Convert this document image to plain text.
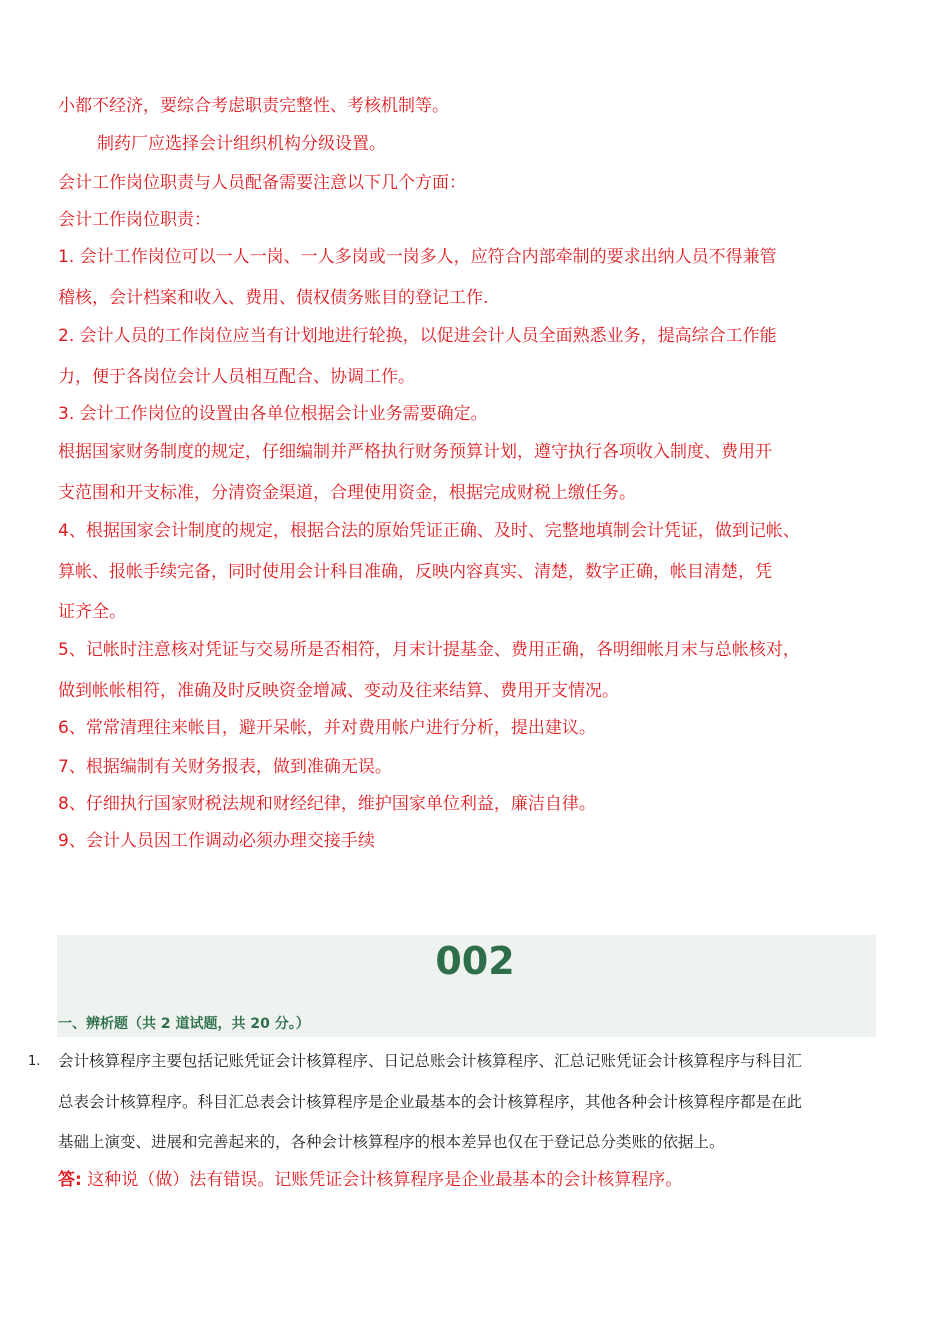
小都不经济，要综合考虑职责完整性、考核机制等。
制药厂应选择会计组织机构分级设置。
会计工作岗位职责与人员配备需要注意以下几个方面：
会计工作岗位职责：
1. 会计工作岗位可以一人一岗、一人多岗或一岗多人，应符合内部牵制的要求出纳人员不得兼管
稽核，会计档案和收入、费用、债权债务账目的登记工作.
2. 会计人员的工作岗位应当有计划地进行轮换，以促进会计人员全面熟悉业务，提高综合工作能
力，便于各岗位会计人员相互配合、协调工作。
3. 会计工作岗位的设置由各单位根据会计业务需要确定。
根据国家财务制度的规定，仔细编制并严格执行财务预算计划，遵守执行各项收入制度、费用开
支范围和开支标准，分清资金渠道，合理使用资金，根据完成财税上缴任务。
4、根据国家会计制度的规定，根据合法的原始凭证正确、及时、完整地填制会计凭证，做到记帐、
算帐、报帐手续完备，同时使用会计科目准确，反映内容真实、清楚，数字正确，帐目清楚，凭
证齐全。
5、记帐时注意核对凭证与交易所是否相符，月末计提基金、费用正确，各明细帐月末与总帐核对，
做到帐帐相符，准确及时反映资金增减、变动及往来结算、费用开支情况。
6、常常清理往来帐目，避开呆帐，并对费用帐户进行分析，提出建议。
7、根据编制有关财务报表，做到准确无误。
8、仔细执行国家财税法规和财经纪律，维护国家单位利益，廉洁自律。
9、会计人员因工作调动必须办理交接手续
002
一、辨析题（共 2 道试题，共 20 分。）
1. 会计核算程序主要包括记账凭证会计核算程序、日记总账会计核算程序、汇总记账凭证会计核算程序与科目汇
总表会计核算程序。科目汇总表会计核算程序是企业最基本的会计核算程序，其他各种会计核算程序都是在此
基础上演变、进展和完善起来的，各种会计核算程序的根本差异也仅在于登记总分类账的依据上。
答: 这种说（做）法有错误。记账凭证会计核算程序是企业最基本的会计核算程序。
